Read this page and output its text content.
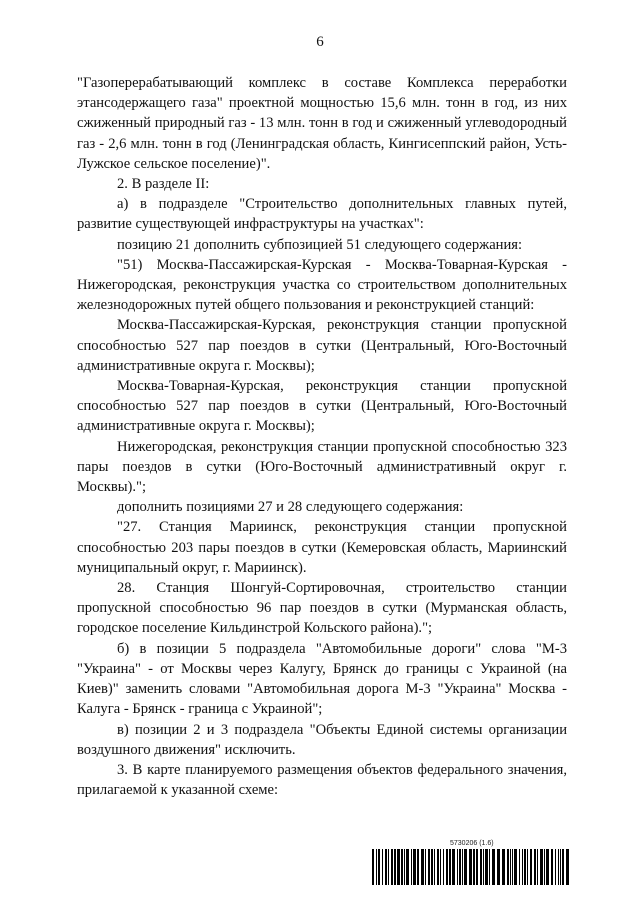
6

"Газоперерабатывающий комплекс в составе Комплекса переработки этансодержащего газа" проектной мощностью 15,6 млн. тонн в год, из них сжиженный природный газ - 13 млн. тонн в год и сжиженный углеводородный газ - 2,6 млн. тонн в год (Ленинградская область, Кингисеппский район, Усть-Лужское сельское поселение)".

2. В разделе II:

а) в подразделе "Строительство дополнительных главных путей, развитие существующей инфраструктуры на участках":

позицию 21 дополнить субпозицией 51 следующего содержания:

"51) Москва-Пассажирская-Курская - Москва-Товарная-Курская - Нижегородская, реконструкция участка со строительством дополнительных железнодорожных путей общего пользования и реконструкцией станций:

Москва-Пассажирская-Курская, реконструкция станции пропускной способностью 527 пар поездов в сутки (Центральный, Юго-Восточный административные округа г. Москвы);

Москва-Товарная-Курская, реконструкция станции пропускной способностью 527 пар поездов в сутки (Центральный, Юго-Восточный административные округа г. Москвы);

Нижегородская, реконструкция станции пропускной способностью 323 пары поездов в сутки (Юго-Восточный административный округ г. Москвы).";

дополнить позициями 27 и 28 следующего содержания:

"27. Станция Мариинск, реконструкция станции пропускной способностью 203 пары поездов в сутки (Кемеровская область, Мариинский муниципальный округ, г. Мариинск).

28. Станция Шонгуй-Сортировочная, строительство станции пропускной способностью 96 пар поездов в сутки (Мурманская область, городское поселение Кильдинстрой Кольского района).";

б) в позиции 5 подраздела "Автомобильные дороги" слова "М-3 "Украина" - от Москвы через Калугу, Брянск до границы с Украиной (на Киев)" заменить словами "Автомобильная дорога М-3 "Украина" Москва - Калуга - Брянск - граница с Украиной";

в) позиции 2 и 3 подраздела "Объекты Единой системы организации воздушного движения" исключить.

3. В карте планируемого размещения объектов федерального значения, прилагаемой к указанной схеме:

5730206 (1.6)
